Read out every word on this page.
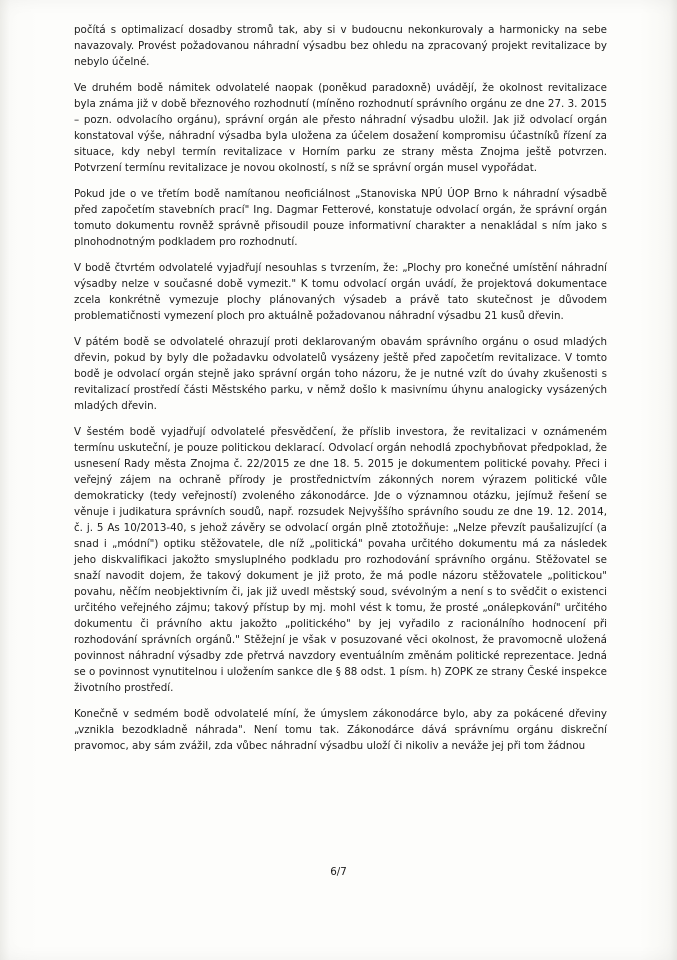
počítá s optimalizací dosadby stromů tak, aby si v budoucnu nekonkurovaly a harmonicky na sebe navazovaly. Provést požadovanou náhradní výsadbu bez ohledu na zpracovaný projekt revitalizace by nebylo účelné.

Ve druhém bodě námitek odvolatelé naopak (poněkud paradoxně) uvádějí, že okolnost revitalizace byla známa již v době březnového rozhodnutí (míněno rozhodnutí správního orgánu ze dne 27. 3. 2015 – pozn. odvolacího orgánu), správní orgán ale přesto náhradní výsadbu uložil. Jak již odvolací orgán konstatoval výše, náhradní výsadba byla uložena za účelem dosažení kompromisu účastníků řízení za situace, kdy nebyl termín revitalizace v Horním parku ze strany města Znojma ještě potvrzen. Potvrzení termínu revitalizace je novou okolností, s níž se správní orgán musel vypořádat.

Pokud jde o ve třetím bodě namítanou neoficiálnost „Stanoviska NPÚ ÚOP Brno k náhradní výsadbě před započetím stavebních prací" Ing. Dagmar Fetterové, konstatuje odvolací orgán, že správní orgán tomuto dokumentu rovněž správně přisoudil pouze informativní charakter a nenakládal s ním jako s plnohodnotným podkladem pro rozhodnutí.

V bodě čtvrtém odvolatelé vyjadřují nesouhlas s tvrzením, že: „Plochy pro konečné umístění náhradní výsadby nelze v současné době vymezit." K tomu odvolací orgán uvádí, že projektová dokumentace zcela konkrétně vymezuje plochy plánovaných výsadeb a právě tato skutečnost je důvodem problematičnosti vymezení ploch pro aktuálně požadovanou náhradní výsadbu 21 kusů dřevin.

V pátém bodě se odvolatelé ohrazují proti deklarovaným obavám správního orgánu o osud mladých dřevin, pokud by byly dle požadavku odvolatelů vysázeny ještě před započetím revitalizace. V tomto bodě je odvolací orgán stejně jako správní orgán toho názoru, že je nutné vzít do úvahy zkušenosti s revitalizací prostředí části Městského parku, v němž došlo k masivnímu úhynu analogicky vysázených mladých dřevin.

V šestém bodě vyjadřují odvolatelé přesvědčení, že příslib investora, že revitalizaci v oznámeném termínu uskuteční, je pouze politickou deklarací. Odvolací orgán nehodlá zpochybňovat předpoklad, že usnesení Rady města Znojma č. 22/2015 ze dne 18. 5. 2015 je dokumentem politické povahy. Přeci i veřejný zájem na ochraně přírody je prostřednictvím zákonných norem výrazem politické vůle demokraticky (tedy veřejností) zvoleného zákonodárce. Jde o významnou otázku, jejímuž řešení se věnuje i judikatura správních soudů, např. rozsudek Nejvyššího správního soudu ze dne 19. 12. 2014, č. j. 5 As 10/2013-40, s jehož závěry se odvolací orgán plně ztotožňuje: „Nelze převzít paušalizující (a snad i „módní") optiku stěžovatele, dle níž „politická" povaha určitého dokumentu má za následek jeho diskvalifikaci jakožto smysluplného podkladu pro rozhodování správního orgánu. Stěžovatel se snaží navodit dojem, že takový dokument je již proto, že má podle názoru stěžovatele „politickou" povahu, něčím neobjektivním či, jak již uvedl městský soud, svévolným a není s to svědčit o existenci určitého veřejného zájmu; takový přístup by mj. mohl vést k tomu, že prosté „onálepkování" určitého dokumentu či právního aktu jakožto „politického" by jej vyřadilo z racionálního hodnocení při rozhodování správních orgánů." Stěžejní je však v posuzované věci okolnost, že pravomocně uložená povinnost náhradní výsadby zde přetrvá navzdory eventuálním změnám politické reprezentace. Jedná se o povinnost vynutitelnou i uložením sankce dle § 88 odst. 1 písm. h) ZOPK ze strany České inspekce životního prostředí.

Konečně v sedmém bodě odvolatelé míní, že úmyslem zákonodárce bylo, aby za pokácené dřeviny „vznikla bezodkladně náhrada". Není tomu tak. Zákonodárce dává správnímu orgánu diskreční pravomoc, aby sám zvážil, zda vůbec náhradní výsadbu uloží či nikoliv a neváže jej při tom žádnou

6/7
